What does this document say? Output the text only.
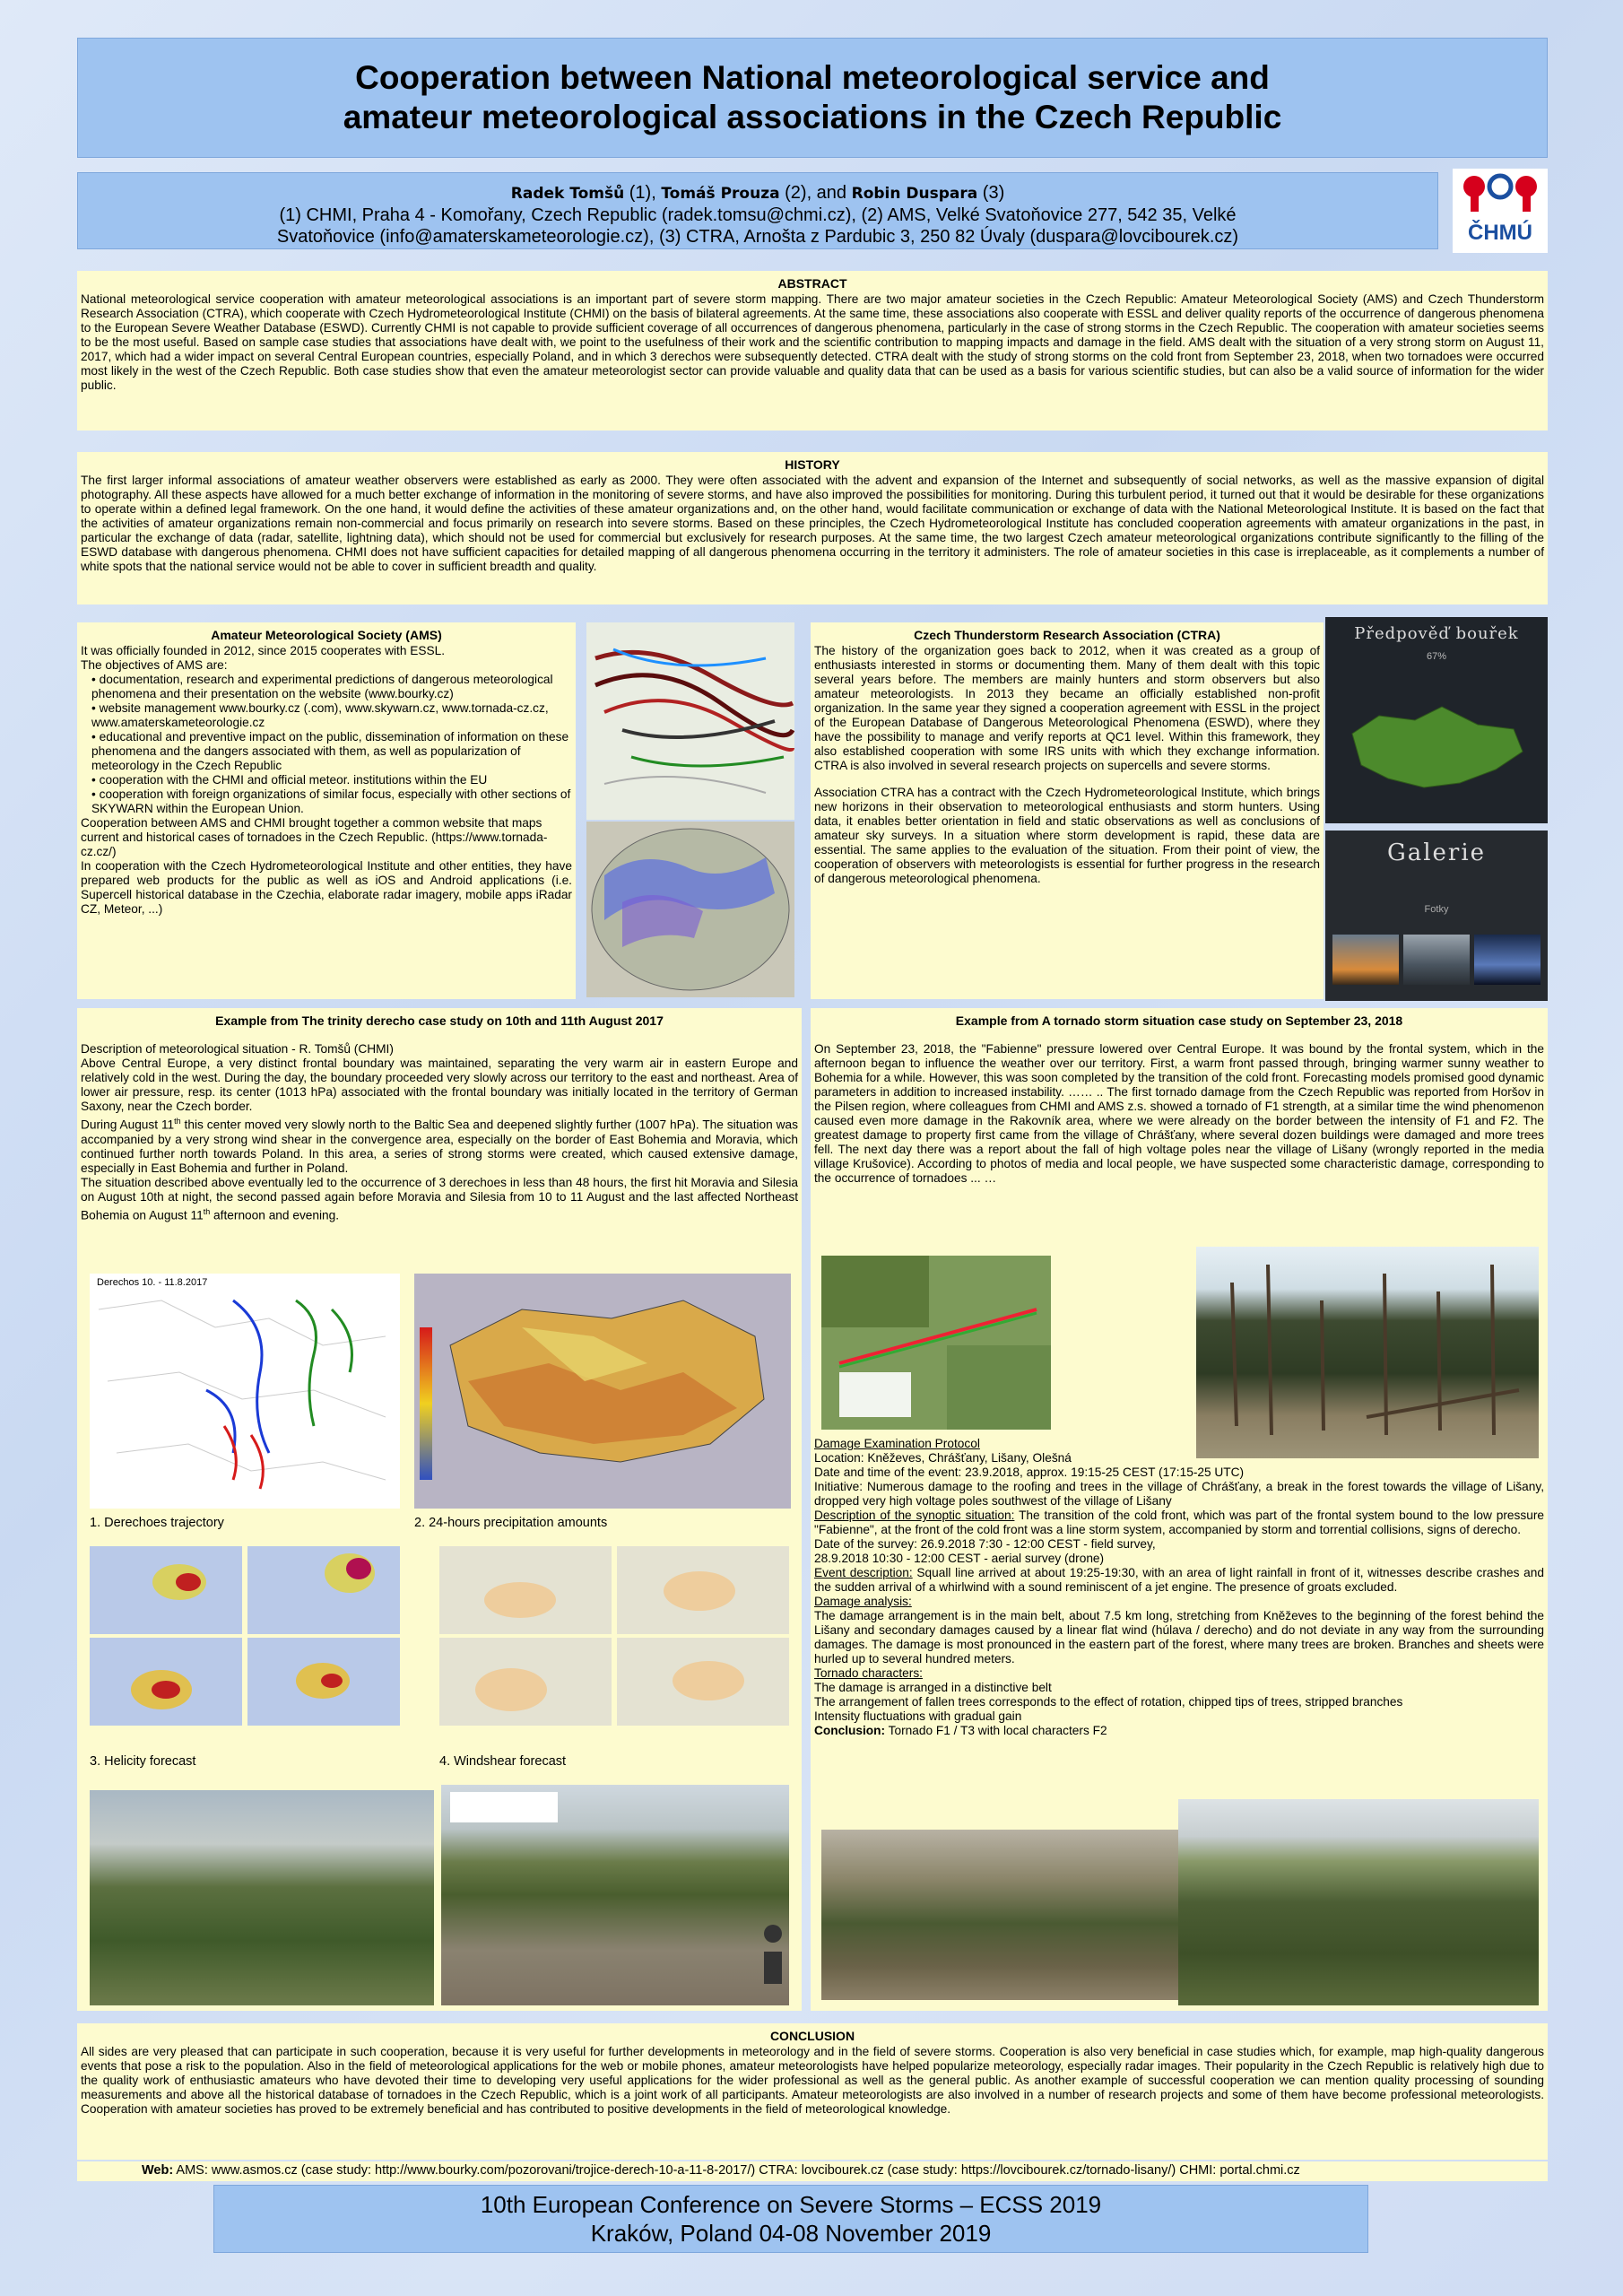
Cooperation between National meteorological service and
amateur meteorological associations in the Czech Republic
Radek Tomšů (1), Tomáš Prouza (2), and Robin Duspara (3)
(1) CHMI, Praha 4 - Komořany, Czech Republic (radek.tomsu@chmi.cz), (2) AMS, Velké Svatoňovice 277, 542 35, Velké
Svatoňovice (info@amaterskameteorologie.cz), (3) CTRA, Arnošta z Pardubic 3, 250 82 Úvaly (duspara@lovcibourek.cz)	ČHMÚ
ABSTRACT

National meteorological service cooperation with amateur meteorological associations is an important part of severe storm mapping. There are two major amateur societies in the Czech Republic: Amateur Meteorological Society (AMS) and Czech Thunderstorm Research Association (CTRA), which cooperate with Czech Hydrometeorological Institute (CHMI) on the basis of bilateral agreements. At the same time, these associations also cooperate with ESSL and deliver quality reports of the occurrence of dangerous phenomena to the European Severe Weather Database (ESWD). Currently CHMI is not capable to provide sufficient coverage of all occurrences of dangerous phenomena, particularly in the case of strong storms in the Czech Republic. The cooperation with amateur societies seems to be the most useful. Based on sample case studies that associations have dealt with, we point to the usefulness of their work and the scientific contribution to mapping impacts and damage in the field. AMS dealt with the situation of a very strong storm on August 11, 2017, which had a wider impact on several Central European countries, especially Poland, and in which 3 derechos were subsequently detected. CTRA dealt with the study of strong storms on the cold front from September 23, 2018, when two tornadoes were occurred most likely in the west of the Czech Republic. Both case studies show that even the amateur meteorologist sector can provide valuable and quality data that can be used as a basis for various scientific studies, but can also be a valid source of information for the wider public.

HISTORY

The first larger informal associations of amateur weather observers were established as early as 2000. They were often associated with the advent and expansion of the Internet and subsequently of social networks, as well as the massive expansion of digital photography. All these aspects have allowed for a much better exchange of information in the monitoring of severe storms, and have also improved the possibilities for monitoring. During this turbulent period, it turned out that it would be desirable for these organizations to operate within a defined legal framework. On the one hand, it would define the activities of these amateur organizations and, on the other hand, would facilitate communication or exchange of data with the National Meteorological Institute. It is based on the fact that the activities of amateur organizations remain non-commercial and focus primarily on research into severe storms. Based on these principles, the Czech Hydrometeorological Institute has concluded cooperation agreements with amateur organizations in the past, in particular the exchange of data (radar, satellite, lightning data), which should not be used for commercial but exclusively for research purposes. At the same time, the two largest Czech amateur meteorological organizations contribute significantly to the filling of the ESWD database with dangerous phenomena. CHMI does not have sufficient capacities for detailed mapping of all dangerous phenomena occurring in the territory it administers. The role of amateur societies in this case is irreplaceable, as it complements a number of white spots that the national service would not be able to cover in sufficient breadth and quality.

Amateur Meteorological Society (AMS)

It was officially founded in 2012, since 2015 cooperates with ESSL.

The objectives of AMS are:

• documentation, research and experimental predictions of dangerous meteorological phenomena and their presentation on the website (www.bourky.cz)
• website management www.bourky.cz (.com), www.skywarn.cz, www.tornada-cz.cz, www.amaterskameteorologie.cz
• educational and preventive impact on the public, dissemination of information on these phenomena and the dangers associated with them, as well as popularization of meteorology in the Czech Republic
• cooperation with the CHMI and official meteor. institutions within the EU
• cooperation with foreign organizations of similar focus, especially with other sections of SKYWARN within the European Union.

Cooperation between AMS and CHMI brought together a common website that maps current and historical cases of tornadoes in the Czech Republic. (https://www.tornada-cz.cz/)

In cooperation with the Czech Hydrometeorological Institute and other entities, they have prepared web products for the public as well as iOS and Android applications (i.e. Supercell historical database in the Czechia, elaborate radar imagery, mobile apps iRadar CZ, Meteor, ...)

Czech Thunderstorm Research Association (CTRA)

The history of the organization goes back to 2012, when it was created as a group of enthusiasts interested in storms or documenting them. Many of them dealt with this topic several years before. The members are mainly hunters and storm observers but also amateur meteorologists. In 2013 they became an officially established non-profit organization. In the same year they signed a cooperation agreement with ESSL in the project of the European Database of Dangerous Meteorological Phenomena (ESWD), where they have the possibility to manage and verify reports at QC1 level. Within this framework, they also established cooperation with some IRS units with which they exchange information. CTRA is also involved in several research projects on supercells and severe storms.

Association CTRA has a contract with the Czech Hydrometeorological Institute, which brings new horizons in their observation to meteorological enthusiasts and storm hunters. Using data, it enables better orientation in field and static observations as well as conclusions of amateur sky surveys. In a situation where storm development is rapid, these data are essential. The same applies to the evaluation of the situation. From their point of view, the cooperation of observers with meteorologists is essential for further progress in the research of dangerous meteorological phenomena.

Předpověď bouřek
67%
Galerie
Fotky
Example from The trinity derecho case study on 10th and 11th August 2017

Description of meteorological situation - R. Tomšů (CHMI)

Above Central Europe, a very distinct frontal boundary was maintained, separating the very warm air in eastern Europe and relatively cold in the west. During the day, the boundary proceeded very slowly across our territory to the east and northeast. Area of lower air pressure, resp. its center (1013 hPa) associated with the frontal boundary was initially located in the territory of German Saxony, near the Czech border.

During August 11th this center moved very slowly north to the Baltic Sea and deepened slightly further (1007 hPa). The situation was accompanied by a very strong wind shear in the convergence area, especially on the border of East Bohemia and Moravia, which continued further north towards Poland. In this area, a series of strong storms were created, which caused extensive damage, especially in East Bohemia and further in Poland.

The situation described above eventually led to the occurrence of 3 derechoes in less than 48 hours, the first hit Moravia and Silesia on August 10th at night, the second passed again before Moravia and Silesia from 10 to 11 August and the last affected Northeast Bohemia on August 11th afternoon and evening.

Derechos 10. - 11.8.2017
1. Derechoes trajectory	2. 24-hours precipitation amounts
3. Helicity forecast	4. Windshear forecast
Example from A tornado storm situation case study on September 23, 2018

On September 23, 2018, the "Fabienne" pressure lowered over Central Europe. It was bound by the frontal system, which in the afternoon began to influence the weather over our territory. First, a warm front passed through, bringing warmer sunny weather to Bohemia for a while. However, this was soon completed by the transition of the cold front. Forecasting models promised good dynamic parameters in addition to increased instability. …… .. The first tornado damage from the Czech Republic was reported from Horšov in the Pilsen region, where colleagues from CHMI and AMS z.s. showed a tornado of F1 strength, at a similar time the wind phenomenon caused even more damage in the Rakovník area, where we were already on the border between the intensity of F1 and F2. The greatest damage to property first came from the village of Chrášťany, where several dozen buildings were damaged and more trees fell. The next day there was a report about the fall of high voltage poles near the village of Lišany (wrongly reported in the media village Krušovice). According to photos of media and local people, we have suspected some characteristic damage, corresponding to the occurrence of tornadoes ... …

Damage Examination Protocol

Location: Kněževes, Chrášťany, Lišany, Olešná

Date and time of the event: 23.9.2018, approx. 19:15-25 CEST (17:15-25 UTC)

Initiative: Numerous damage to the roofing and trees in the village of Chrášťany, a break in the forest towards the village of Lišany, dropped very high voltage poles southwest of the village of Lišany

Description of the synoptic situation: The transition of the cold front, which was part of the frontal system bound to the low pressure "Fabienne", at the front of the cold front was a line storm system, accompanied by storm and torrential collisions, signs of derecho.

Date of the survey: 26.9.2018 7:30 - 12:00 CEST - field survey,

28.9.2018 10:30 - 12:00 CEST - aerial survey (drone)

Event description: Squall line arrived at about 19:25-19:30, with an area of light rainfall in front of it, witnesses describe crashes and the sudden arrival of a whirlwind with a sound reminiscent of a jet engine. The presence of groats excluded.

Damage analysis:

The damage arrangement is in the main belt, about 7.5 km long, stretching from Kněževes to the beginning of the forest behind the Lišany and secondary damages caused by a linear flat wind (húlava / derecho) and do not deviate in any way from the surrounding damages. The damage is most pronounced in the eastern part of the forest, where many trees are broken. Branches and sheets were hurled up to several hundred meters.

Tornado characters:

The damage is arranged in a distinctive belt

The arrangement of fallen trees corresponds to the effect of rotation, chipped tips of trees, stripped branches

Intensity fluctuations with gradual gain

Conclusion: Tornado F1 / T3 with local characters F2

CONCLUSION

All sides are very pleased that can participate in such cooperation, because it is very useful for further developments in meteorology and in the field of severe storms. Cooperation is also very beneficial in case studies which, for example, map high-quality dangerous events that pose a risk to the population. Also in the field of meteorological applications for the web or mobile phones, amateur meteorologists have helped popularize meteorology, especially radar images. Their popularity in the Czech Republic is relatively high due to the quality work of enthusiastic amateurs who have devoted their time to developing very useful applications for the wider professional as well as the general public. As another example of successful cooperation we can mention quality processing of sounding measurements and above all the historical database of tornadoes in the Czech Republic, which is a joint work of all participants. Amateur meteorologists are also involved in a number of research projects and some of them have become professional meteorologists. Cooperation with amateur societies has proved to be extremely beneficial and has contributed to positive developments in the field of meteorological knowledge.

Web: AMS: www.asmos.cz (case study: http://www.bourky.com/pozorovani/trojice-derech-10-a-11-8-2017/) CTRA: lovcibourek.cz (case study: https://lovcibourek.cz/tornado-lisany/) CHMI: portal.chmi.cz
10th European Conference on Severe Storms – ECSS 2019
Kraków, Poland 04-08 November 2019
